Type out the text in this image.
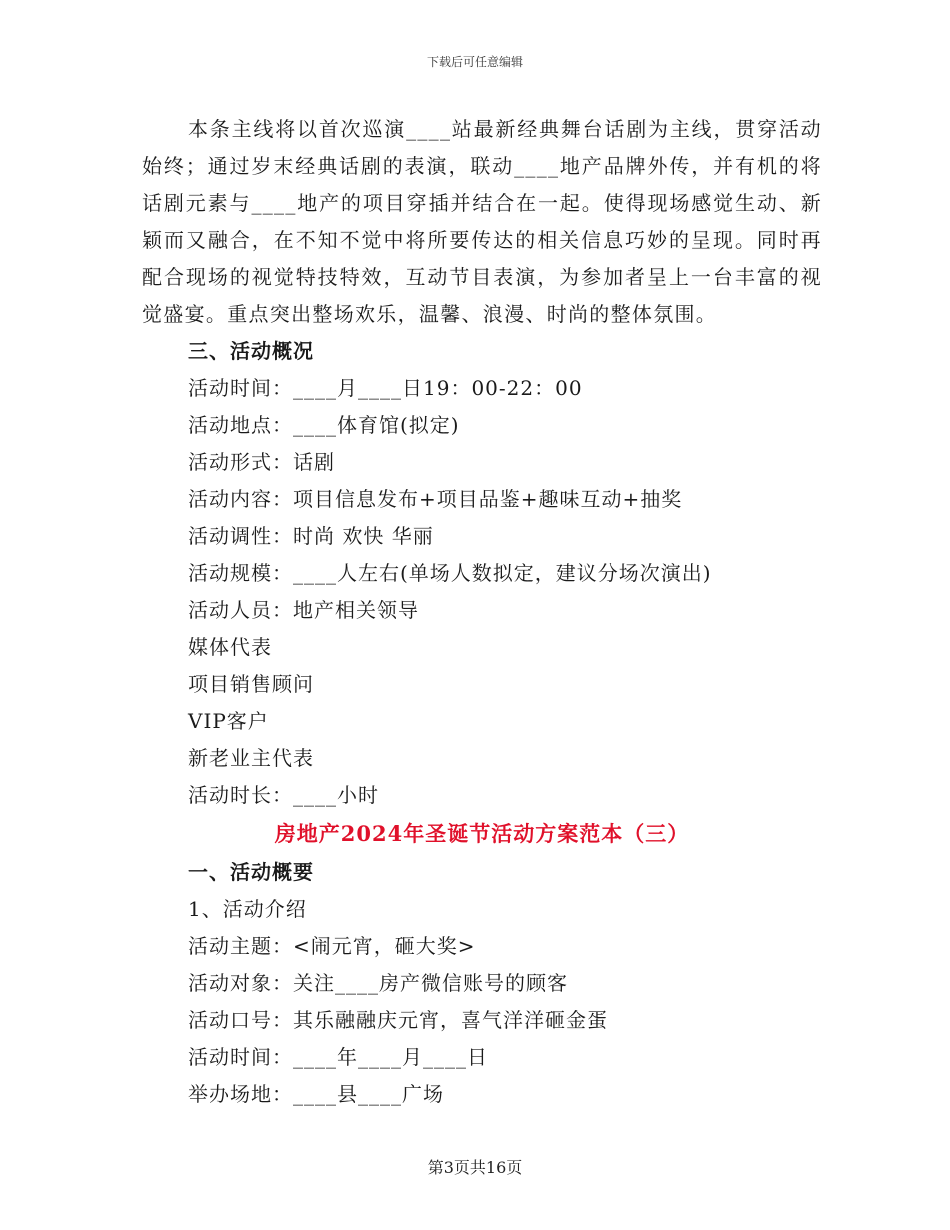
下载后可任意编辑

本条主线将以首次巡演____站最新经典舞台话剧为主线，贯穿活动始终；通过岁末经典话剧的表演，联动____地产品牌外传，并有机的将话剧元素与____地产的项目穿插并结合在一起。使得现场感觉生动、新颖而又融合，在不知不觉中将所要传达的相关信息巧妙的呈现。同时再配合现场的视觉特技特效，互动节目表演，为参加者呈上一台丰富的视觉盛宴。重点突出整场欢乐，温馨、浪漫、时尚的整体氛围。

三、活动概况

活动时间：____月____日19：00-22：00

活动地点：____体育馆(拟定)

活动形式：话剧

活动内容：项目信息发布+项目品鉴+趣味互动+抽奖

活动调性：时尚 欢快 华丽

活动规模：____人左右(单场人数拟定，建议分场次演出)

活动人员：地产相关领导

媒体代表

项目销售顾问

VIP客户

新老业主代表

活动时长：____小时

房地产2024年圣诞节活动方案范本（三）

一、活动概要

1、活动介绍

活动主题：<闹元宵，砸大奖>

活动对象：关注____房产微信账号的顾客

活动口号：其乐融融庆元宵，喜气洋洋砸金蛋

活动时间：____年____月____日

举办场地：____县____广场

第3页共16页
